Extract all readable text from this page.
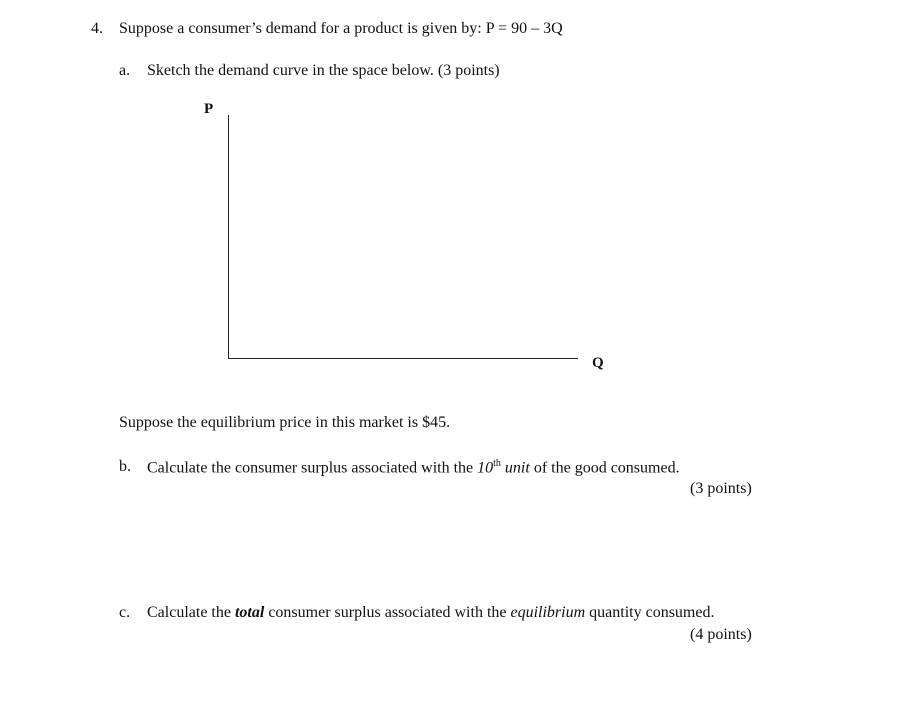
4. Suppose a consumer’s demand for a product is given by: P = 90 – 3Q
a. Sketch the demand curve in the space below. (3 points)
P
Q
Suppose the equilibrium price in this market is $45.
b. Calculate the consumer surplus associated with the 10th unit of the good consumed.
(3 points)
c. Calculate the total consumer surplus associated with the equilibrium quantity consumed.
(4 points)
